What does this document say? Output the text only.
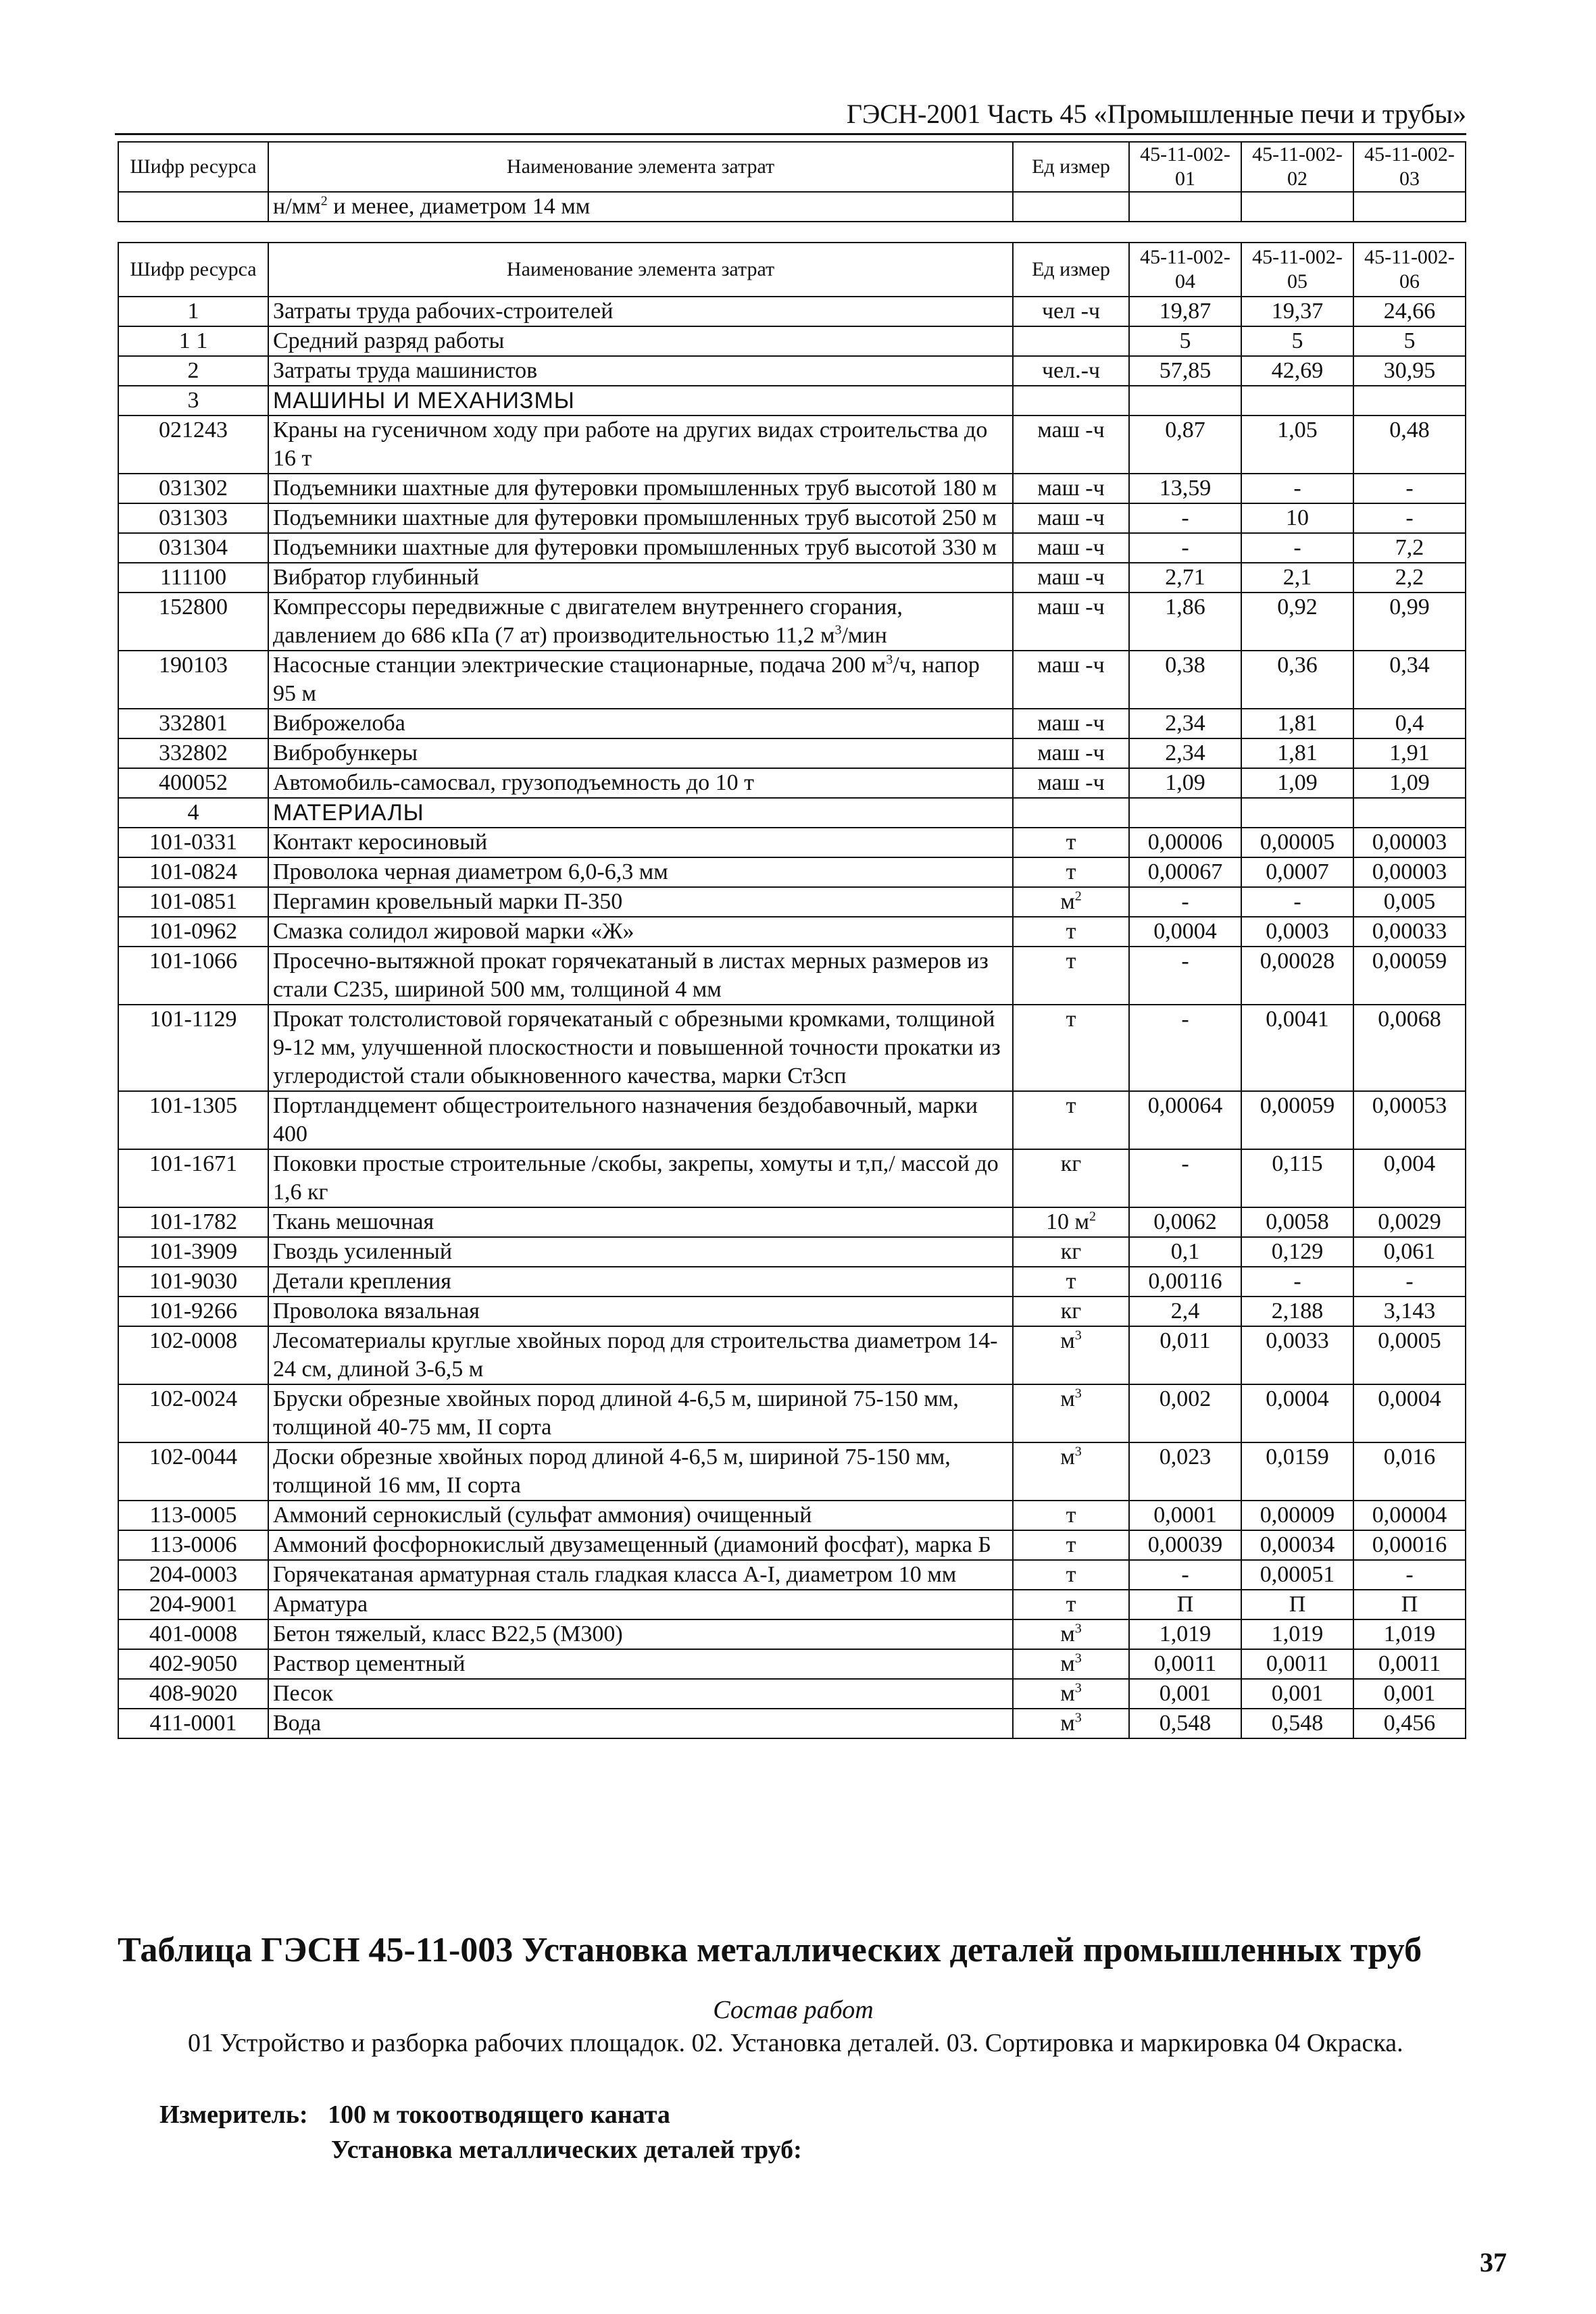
ГЭСН-2001 Часть 45 «Промышленные печи и трубы»
Шифр ресурса	Наименование элемента затрат	Ед измер	45-11-002-01	45-11-002-02	45-11-002-03
	$н/мм^2$ и менее, диаметром 14 мм				
Шифр ресурса	Наименование элемента затрат	Ед измер	45-11-002-04	45-11-002-05	45-11-002-06
1	Затраты труда рабочих-строителей	чел -ч	19,87	19,37	24,66
1 1	Средний разряд работы		5	5	5
2	Затраты труда машинистов	чел.-ч	57,85	42,69	30,95
3	МАШИНЫ И МЕХАНИЗМЫ				
021243	Краны на гусеничном ходу при работе на других видах строительства до 16 т	маш -ч	0,87	1,05	0,48
031302	Подъемники шахтные для футеровки промышленных труб высотой 180 м	маш -ч	13,59	-	-
031303	Подъемники шахтные для футеровки промышленных труб высотой 250 м	маш -ч	-	10	-
031304	Подъемники шахтные для футеровки промышленных труб высотой 330 м	маш -ч	-	-	7,2
111100	Вибратор глубинный	маш -ч	2,71	2,1	2,2
152800	Компрессоры передвижные с двигателем внутреннего сгорания, давлением до 686 кПа (7 ат) производительностью 11,2 $м^3$/мин	маш -ч	1,86	0,92	0,99
190103	Насосные станции электрические стационарные, подача 200 $м^3/ч$, напор 95 м	маш -ч	0,38	0,36	0,34
332801	Виброжелоба	маш -ч	2,34	1,81	0,4
332802	Вибробункеры	маш -ч	2,34	1,81	1,91
400052	Автомобиль-самосвал, грузоподъемность до 10 т	маш -ч	1,09	1,09	1,09
4	МАТЕРИАЛЫ				
101-0331	Контакт керосиновый	т	0,00006	0,00005	0,00003
101-0824	Проволока черная диаметром 6,0-6,3 мм	т	0,00067	0,0007	0,00003
101-0851	Пергамин кровельный марки П-350	$м^2$	-	-	0,005
101-0962	Смазка солидол жировой марки «Ж»	т	0,0004	0,0003	0,00033
101-1066	Просечно-вытяжной прокат горячекатаный в листах мерных размеров из стали С235, шириной 500 мм, толщиной 4 мм	т	-	0,00028	0,00059
101-1129	Прокат толстолистовой горячекатаный с обрезными кромками, толщиной 9-12 мм, улучшенной плоскостности и повышенной точности прокатки из углеродистой стали обыкновенного качества, марки Ст3сп	т	-	0,0041	0,0068
101-1305	Портландцемент общестроительного назначения бездобавочный, марки 400	т	0,00064	0,00059	0,00053
101-1671	Поковки простые строительные /скобы, закрепы, хомуты и т,п,/ массой до 1,6 кг	кг	-	0,115	0,004
101-1782	Ткань мешочная	10 $м^2$	0,0062	0,0058	0,0029
101-3909	Гвоздь усиленный	кг	0,1	0,129	0,061
101-9030	Детали крепления	т	0,00116	-	-
101-9266	Проволока вязальная	кг	2,4	2,188	3,143
102-0008	Лесоматериалы круглые хвойных пород для строительства диаметром 14-24 см, длиной 3-6,5 м	$м^3$	0,011	0,0033	0,0005
102-0024	Бруски обрезные хвойных пород длиной 4-6,5 м, шириной 75-150 мм, толщиной 40-75 мм, II сорта	$м^3$	0,002	0,0004	0,0004
102-0044	Доски обрезные хвойных пород длиной 4-6,5 м, шириной 75-150 мм, толщиной 16 мм, II сорта	$м^3$	0,023	0,0159	0,016
113-0005	Аммоний сернокислый (сульфат аммония) очищенный	т	0,0001	0,00009	0,00004
113-0006	Аммоний фосфорнокислый двузамещенный (диамоний фосфат), марка Б	т	0,00039	0,00034	0,00016
204-0003	Горячекатаная арматурная сталь гладкая класса А-I, диаметром 10 мм	т	-	0,00051	-
204-9001	Арматура	т	П	П	П
401-0008	Бетон тяжелый, класс В22,5 (М300)	$м^3$	1,019	1,019	1,019
402-9050	Раствор цементный	$м^3$	0,0011	0,0011	0,0011
408-9020	Песок	$м^3$	0,001	0,001	0,001
411-0001	Вода	$м^3$	0,548	0,548	0,456
Таблица ГЭСН 45-11-003 Установка металлических деталей промышленных труб
Состав работ
01 Устройство и разборка рабочих площадок. 02. Установка деталей. 03. Сортировка и маркировка 04 Окраска.
Измеритель: 100 м токоотводящего каната
Установка металлических деталей труб:
37
